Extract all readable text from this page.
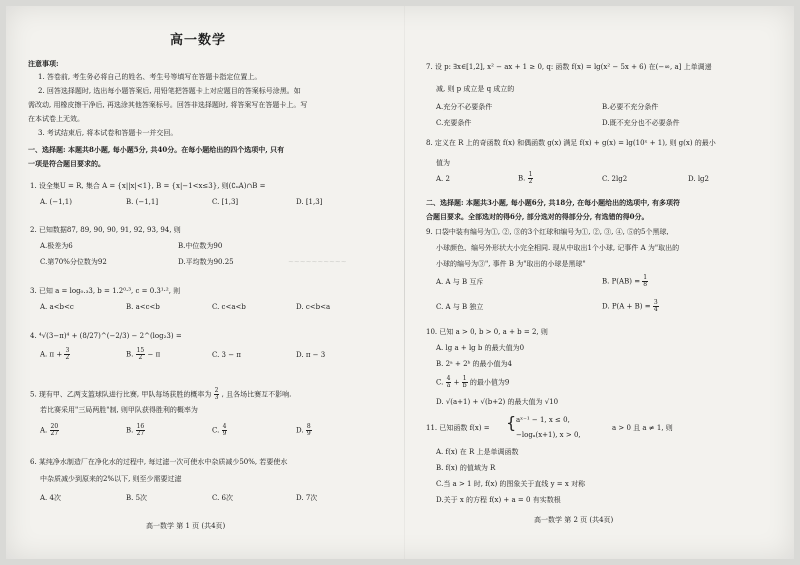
高一数学
注意事项:
1. 答卷前, 考生务必将自己的姓名、考生号等填写在答题卡指定位置上。
2. 回答选择题时, 选出每小题答案后, 用铅笔把答题卡上对应题目的答案标号涂黑。如
需改动, 用橡皮擦干净后, 再选涂其他答案标号。回答非选择题时, 将答案写在答题卡上。写
在本试卷上无效。
3. 考试结束后, 将本试卷和答题卡一并交回。
一、选择题: 本题共8小题, 每小题5分, 共40分。在每小题给出的四个选项中, 只有
一项是符合题目要求的。
1. 设全集U = R, 集合 A = {x||x|<1}, B = {x|−1<x≤3}, 则(∁ᵤA)∩B =
A. (−1,1)	B. (−1,1]	C. [1,3]	D. [1,3]
2. 已知数据87, 89, 90, 90, 91, 92, 93, 94, 则
A.极差为6	B.中位数为90
C.第70%分位数为92	D.平均数为90.25	~~~~~~~~~~
3. 已知 a = log₀.₃3, b = 1.2⁰·³, c = 0.3¹·², 则
A. a<b<c	B. a<c<b	C. c<a<b	D. c<b<a
4. ⁴√(3−π)⁴ + (8/27)^(−2/3) − 2^(log₂3) =
A. $\pi + \frac{3}{2}$	B. $\frac{15}{2} - \pi$	C. 3 − π	D. π − 3
5. 现有甲、乙两支篮球队进行比赛, 甲队每场获胜的概率为 $\frac{2}{3}$ , 且各场比赛互不影响.
若比赛采用"三局两胜"制, 则甲队获得胜利的概率为
A. $\frac{20}{27}$	B. $\frac{16}{27}$	C. $\frac{4}{9}$	D. $\frac{8}{9}$
6. 某纯净水制造厂在净化水的过程中, 每过滤一次可使水中杂质减少50%, 若要使水
中杂质减少到原来的2%以下, 则至少需要过滤
A. 4次	B. 5次	C. 6次	D. 7次
高一数学 第 1 页 (共4页)
7. 设 p: ∃x∈[1,2], x² − ax + 1 ≥ 0, q: 函数 f(x) = lg(x² − 5x + 6) 在(−∞, a] 上单调递
减, 则 p 成立是 q 成立的
A.充分不必要条件	B.必要不充分条件
C.充要条件	D.既不充分也不必要条件
8. 定义在 R 上的奇函数 f(x) 和偶函数 g(x) 满足 f(x) + g(x) = lg(10ˣ + 1), 则 g(x) 的最小
值为
A. 2	B. $\frac{1}{2}$	C. 2lg2	D. lg2
二、选择题: 本题共3小题, 每小题6分, 共18分, 在每小题给出的选项中, 有多项符
合题目要求。全部选对的得6分, 部分选对的得部分分, 有选错的得0分。
9. 口袋中装有编号为①, ②, ③的3个红球和编号为①, ②, ③, ④, ⑤的5个黑球,
小球颜色、编号外形状大小完全相同. 现从中取出1个小球, 记事件 A 为"取出的
小球的编号为③", 事件 B 为"取出的小球是黑球"
A. A 与 B 互斥	B. $P(AB) = \frac{1}{8}$
C. A 与 B 独立	D. $P(A + B) = \frac{3}{4}$
10. 已知 a > 0, b > 0, a + b = 2, 则
A. lg a + lg b 的最大值为0
B. 2ᵃ + 2ᵇ 的最小值为4
C. $\frac{4}{a} + \frac{1}{b}$ 的最小值为9
D. √(a+1) + √(b+2) 的最大值为 √10
11. 已知函数 f(x) = { aˣ⁻¹ − 1, x ≤ 0,
−logₐ(x+1), x > 0,
a > 0 且 a ≠ 1, 则
A. f(x) 在 R 上是单调函数
B. f(x) 的值域为 R
C.当 a > 1 时, f(x) 的图象关于直线 y = x 对称
D.关于 x 的方程 f(x) + a = 0 有实数根
高一数学 第 2 页 (共4页)
